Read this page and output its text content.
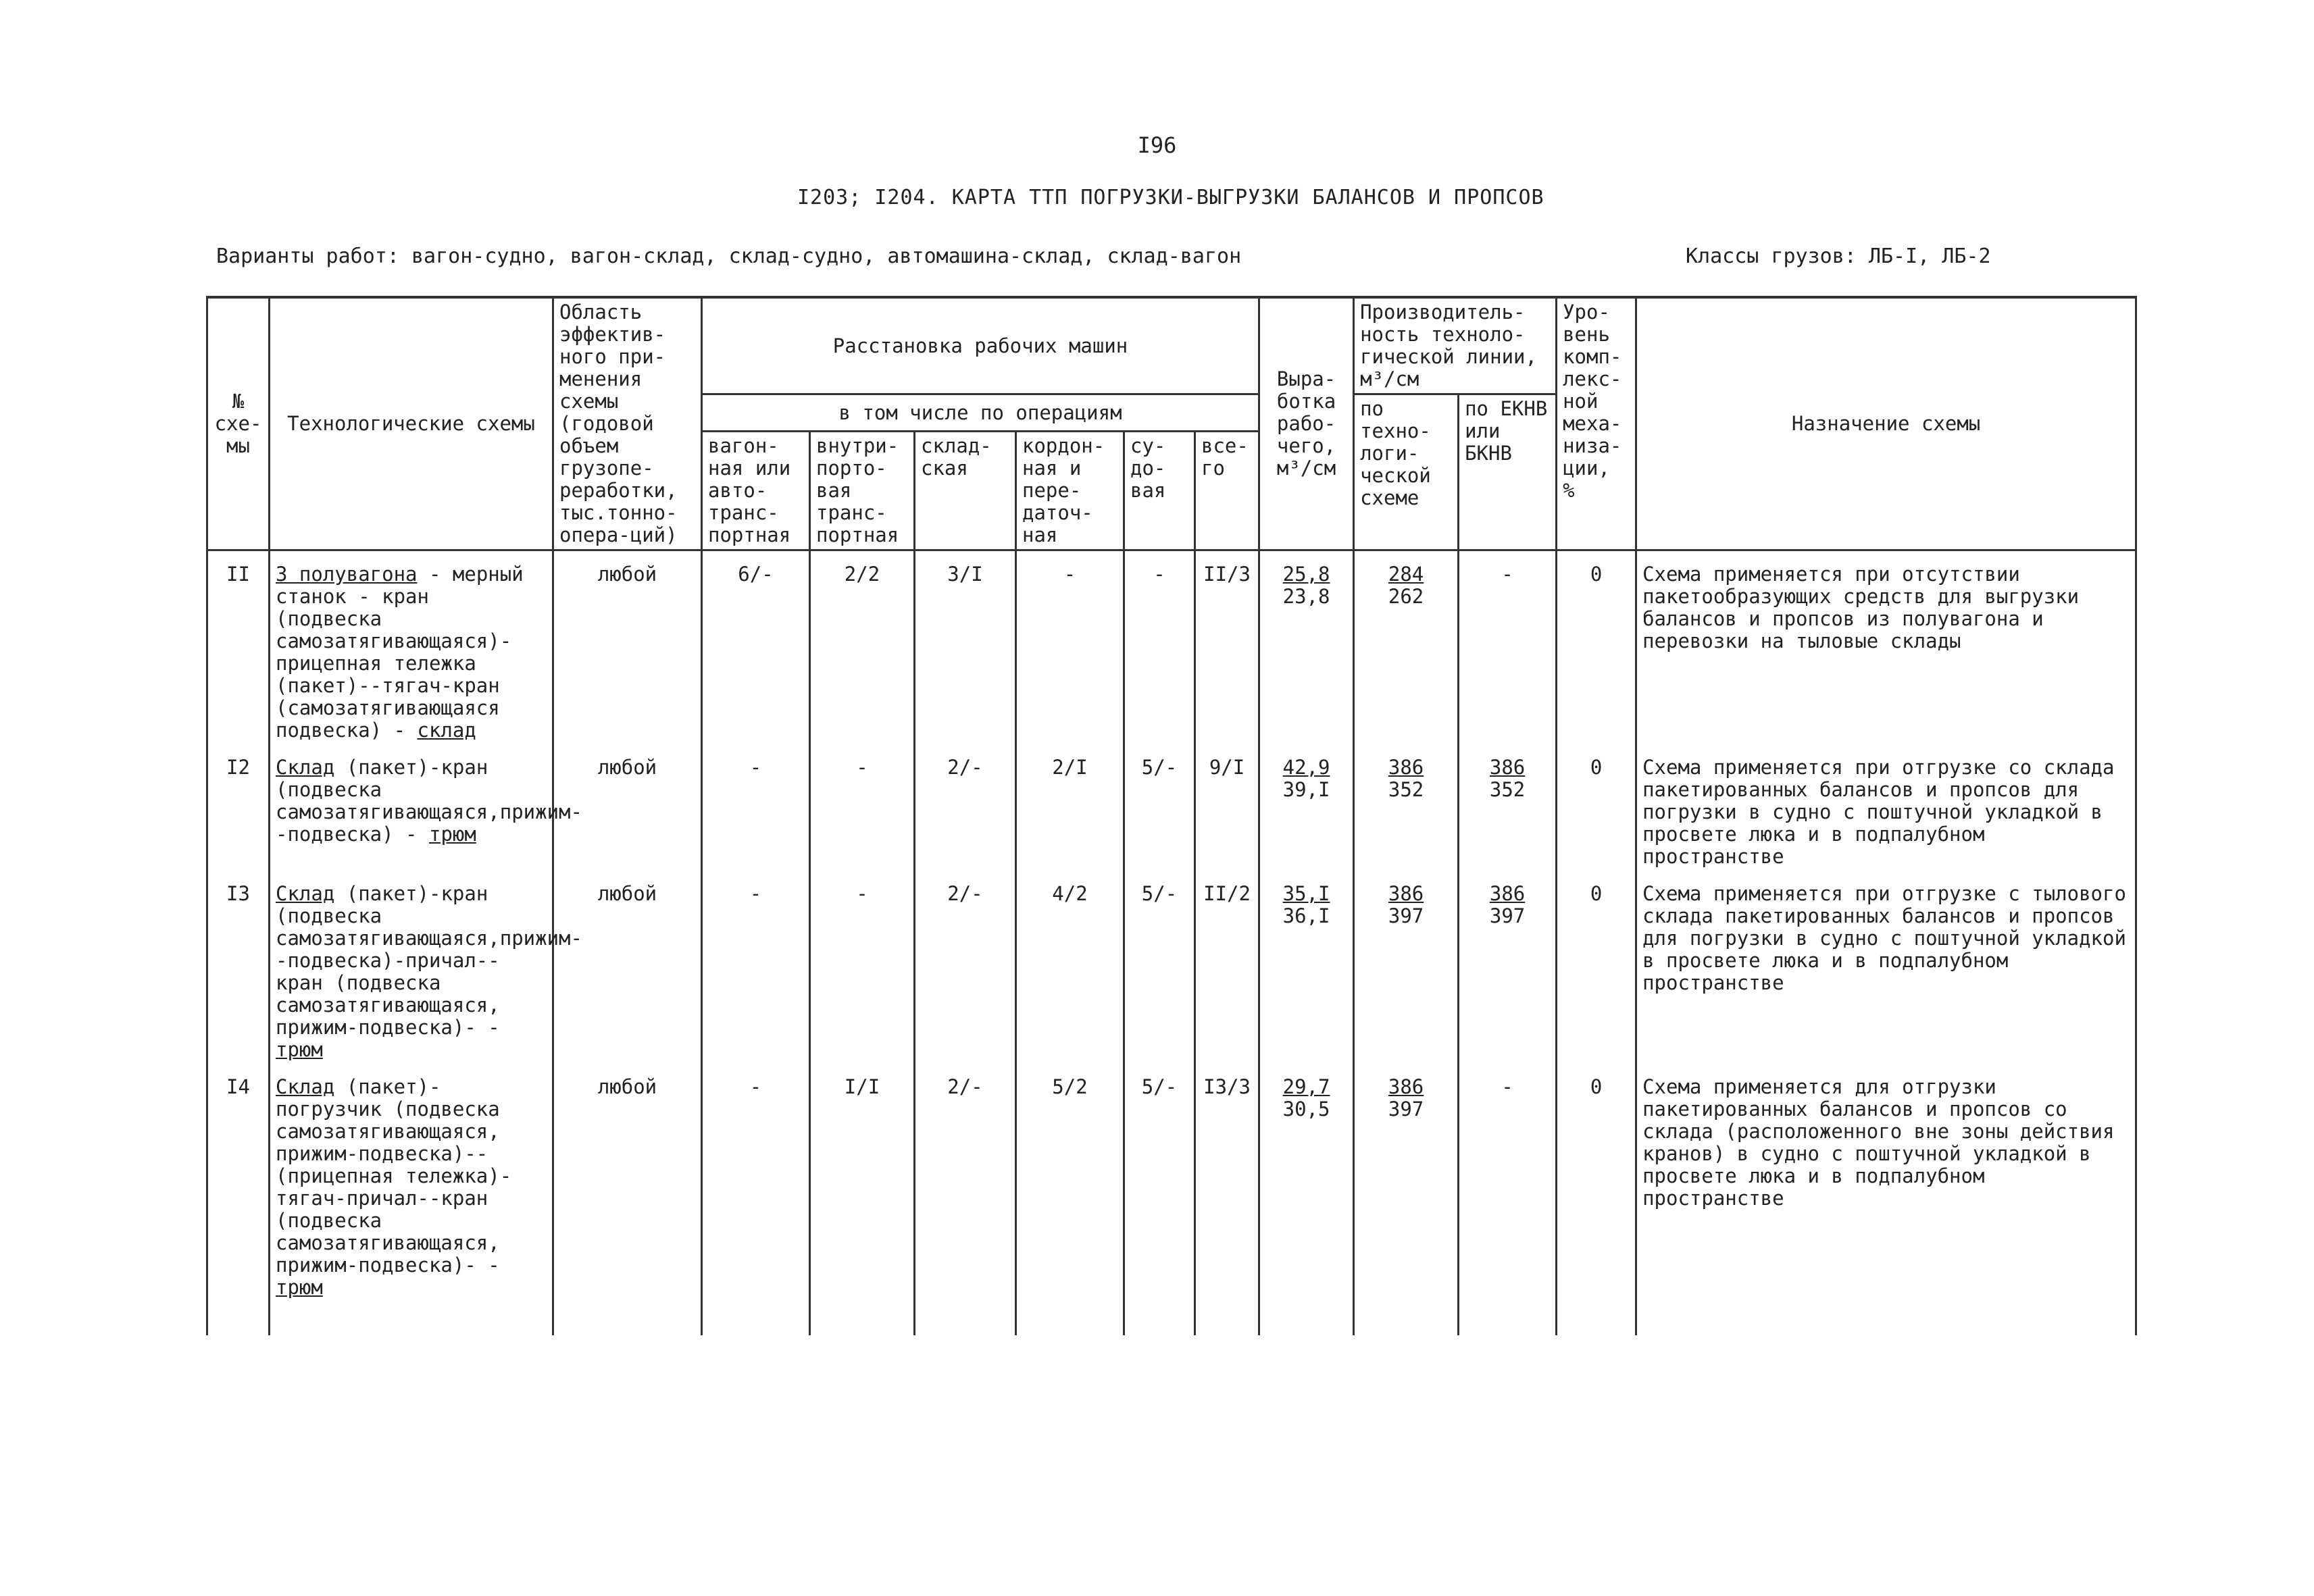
I96
I203; I204. КАРТА ТТП ПОГРУЗКИ-ВЫГРУЗКИ БАЛАНСОВ И ПРОПСОВ
Варианты работ: вагон-судно, вагон-склад, склад-судно, автомашина-склад, склад-вагон	Классы грузов: ЛБ-I, ЛБ-2
№ схе-мы	Технологические схемы	Область эффектив-ного при-менения схемы (годовой объем грузопе-реработки, тыс.тонно-опера-ций)	Расстановка рабочих машин						Выра-ботка рабо-чего, м³/см	Производитель-ность техноло-гической линии, м³/см		Уро-вень комп-лекс-ной меха-низа-ции, %	Назначение схемы
			в том числе по операциям							по техно-логи-ческой схеме	по ЕКНВ или БКНВ		
			вагон-ная или авто-транс-портная	внутри-порто-вая транс-портная	склад-ская	кордон-ная и пере-даточ-ная	су-до-вая	все-го					
II	3 полувагона - мерный станок - кран (подвеска самозатягивающаяся)-прицепная тележка (пакет)--тягач-кран (самозатягивающаяся подвеска) - склад	любой	6/-	2/2	3/I	-	-	II/3	$\frac{25,8}{23,8}$	$\frac{284}{262}$	-	0	Схема применяется при отсутствии пакетообразующих средств для выгрузки балансов и пропсов из полувагона и перевозки на тыловые склады
I2	Склад (пакет)-кран (подвеска самозатягивающаяся,прижим--подвеска) - трюм	любой	-	-	2/-	2/I	5/-	9/I	$\frac{42,9}{39,I}$	$\frac{386}{352}$	$\frac{386}{352}$	0	Схема применяется при отгрузке со склада пакетированных балансов и пропсов для погрузки в судно с поштучной укладкой в просвете люка и в подпалубном пространстве
I3	Склад (пакет)-кран (подвеска самозатягивающаяся,прижим--подвеска)-причал--кран (подвеска самозатягивающаяся, прижим-подвеска)- - трюм	любой	-	-	2/-	4/2	5/-	II/2	$\frac{35,I}{36,I}$	$\frac{386}{397}$	$\frac{386}{397}$	0	Схема применяется при отгрузке с тылового склада пакетированных балансов и пропсов для погрузки в судно с поштучной укладкой в просвете люка и в подпалубном пространстве
I4	Склад (пакет)-погрузчик (подвеска самозатягивающаяся, прижим-подвеска)--(прицепная тележка)-тягач-причал--кран (подвеска самозатягивающаяся, прижим-подвеска)- - трюм	любой	-	I/I	2/-	5/2	5/-	I3/3	$\frac{29,7}{30,5}$	$\frac{386}{397}$	-	0	Схема применяется для отгрузки пакетированных балансов и пропсов со склада (расположенного вне зоны действия кранов) в судно с поштучной укладкой в просвете люка и в подпалубном пространстве
